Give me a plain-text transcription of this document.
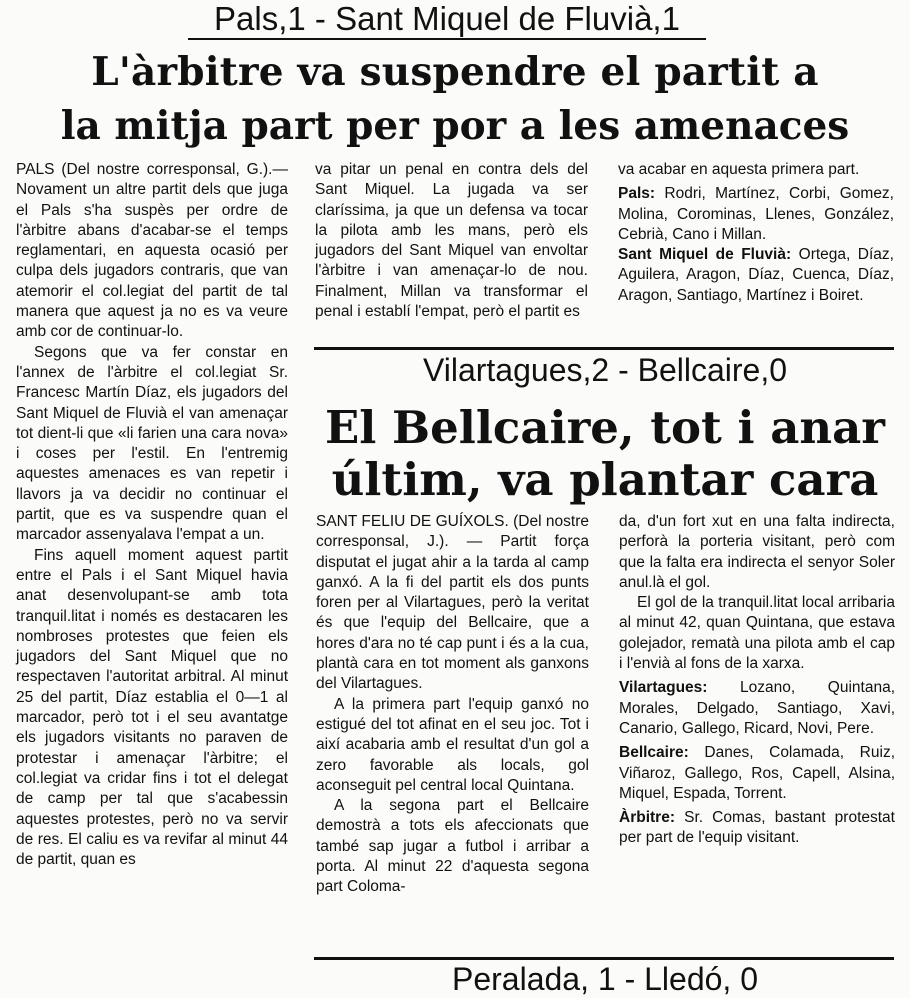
Pals,1 - Sant Miquel de Fluvià,1
L'àrbitre va suspendre el partit a
la mitja part per por a les amenaces

PALS (Del nostre corresponsal, G.).— Novament un altre partit dels que juga el Pals s'ha suspès per ordre de l'àrbitre abans d'acabar-se el temps reglamentari, en aquesta ocasió per culpa dels jugadors contraris, que van atemorir el col.legiat del partit de tal manera que aquest ja no es va veure amb cor de continuar-lo.

Segons que va fer constar en l'annex de l'àrbitre el col.legiat Sr. Francesc Martín Díaz, els jugadors del Sant Miquel de Fluvià el van amenaçar tot dient-li que «li farien una cara nova» i coses per l'estil. En l'entremig aquestes amenaces es van repetir i llavors ja va decidir no continuar el partit, que es va suspendre quan el marcador assenyalava l'empat a un.

Fins aquell moment aquest partit entre el Pals i el Sant Miquel havia anat desenvolupant-se amb tota tranquil.litat i només es destacaren les nombroses protestes que feien els jugadors del Sant Miquel que no respectaven l'autoritat arbitral. Al minut 25 del partit, Díaz establia el 0—1 al marcador, però tot i el seu avantatge els jugadors visitants no paraven de protestar i amenaçar l'àrbitre; el col.legiat va cridar fins i tot el delegat de camp per tal que s'acabessin aquestes protestes, però no va servir de res. El caliu es va revifar al minut 44 de partit, quan es

va pitar un penal en contra dels del Sant Miquel. La jugada va ser claríssima, ja que un defensa va tocar la pilota amb les mans, però els jugadors del Sant Miquel van envoltar l'àrbitre i van amenaçar-lo de nou. Finalment, Millan va transformar el penal i establí l'empat, però el partit es

va acabar en aquesta primera part.

Pals: Rodri, Martínez, Corbi, Gomez, Molina, Corominas, Llenes, González, Cebrià, Cano i Millan.

Sant Miquel de Fluvià: Ortega, Díaz, Aguilera, Aragon, Díaz, Cuenca, Díaz, Aragon, Santiago, Martínez i Boiret.

Vilartagues,2 - Bellcaire,0
El Bellcaire, tot i anar
últim, va plantar cara

SANT FELIU DE GUÍXOLS. (Del nostre corresponsal, J.). — Partit força disputat el jugat ahir a la tarda al camp ganxó. A la fi del partit els dos punts foren per al Vilartagues, però la veritat és que l'equip del Bellcaire, que a hores d'ara no té cap punt i és a la cua, plantà cara en tot moment als ganxons del Vilartagues.

A la primera part l'equip ganxó no estigué del tot afinat en el seu joc. Tot i així acabaria amb el resultat d'un gol a zero favorable als locals, gol aconseguit pel central local Quintana.

A la segona part el Bellcaire demostrà a tots els afeccionats que també sap jugar a futbol i arribar a porta. Al minut 22 d'aquesta segona part Coloma-

da, d'un fort xut en una falta indirecta, perforà la porteria visitant, però com que la falta era indirecta el senyor Soler anul.là el gol.

El gol de la tranquil.litat local arribaria al minut 42, quan Quintana, que estava golejador, rematà una pilota amb el cap i l'envià al fons de la xarxa.

Vilartagues: Lozano, Quintana, Morales, Delgado, Santiago, Xavi, Canario, Gallego, Ricard, Novi, Pere.

Bellcaire: Danes, Colamada, Ruiz, Viñaroz, Gallego, Ros, Capell, Alsina, Miquel, Espada, Torrent.

Àrbitre: Sr. Comas, bastant protestat per part de l'equip visitant.

Peralada, 1 - Lledó, 0
